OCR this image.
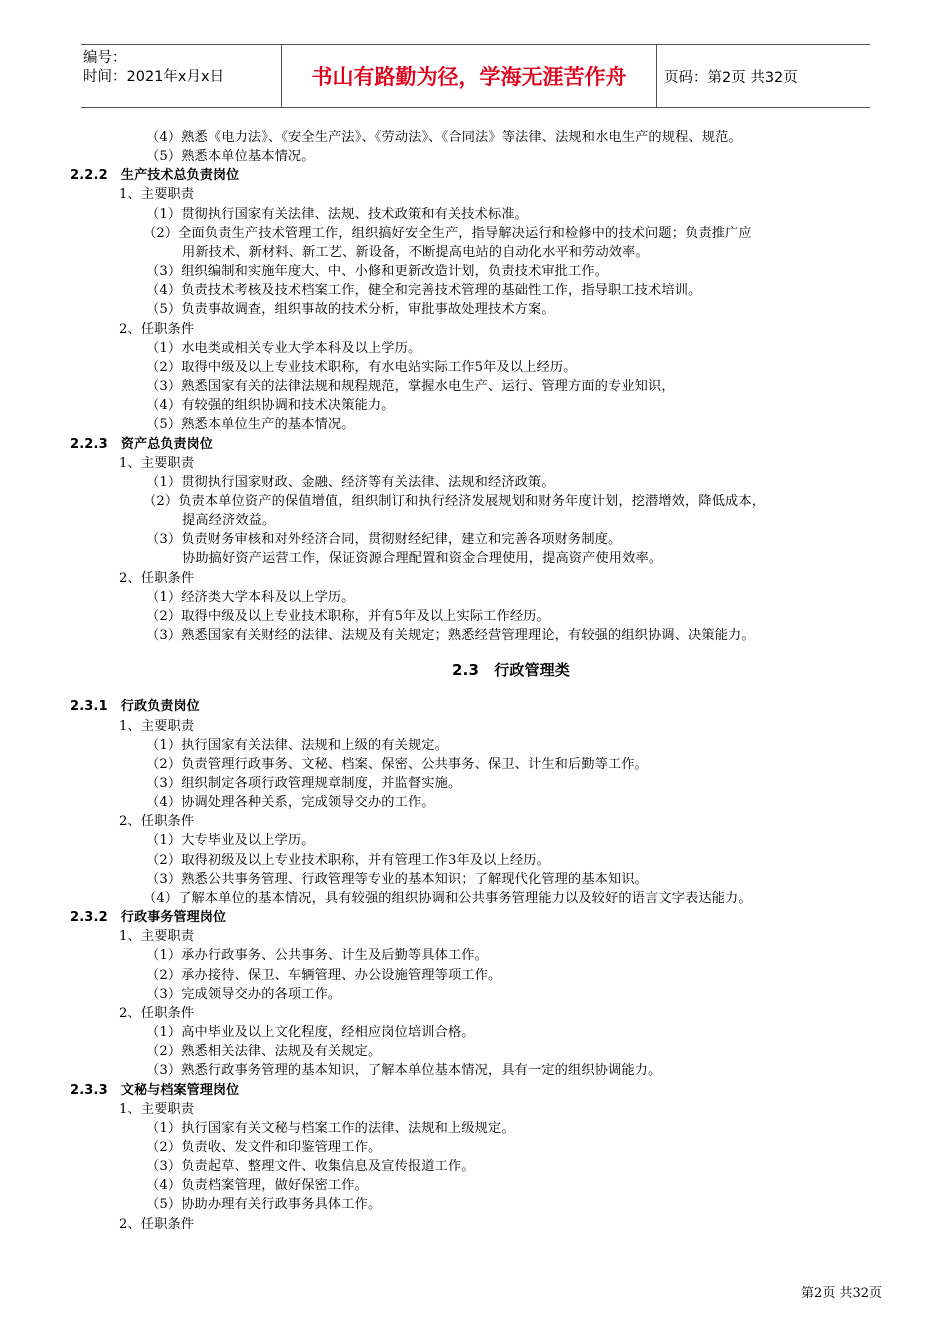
编号：
时间：2021年x月x日	书山有路勤为径，学海无涯苦作舟	页码：第2页 共32页
（4）熟悉《电力法》、《安全生产法》、《劳动法》、《合同法》等法律、法规和水电生产的规程、规范。
（5）熟悉本单位基本情况。
2.2.2　生产技术总负责岗位
1、主要职责
（1）贯彻执行国家有关法律、法规、技术政策和有关技术标准。
（2）全面负责生产技术管理工作，组织搞好安全生产，指导解决运行和检修中的技术问题；负责推广应
用新技术、新材料、新工艺、新设备，不断提高电站的自动化水平和劳动效率。
（3）组织编制和实施年度大、中、小修和更新改造计划，负责技术审批工作。
（4）负责技术考核及技术档案工作，健全和完善技术管理的基础性工作，指导职工技术培训。
（5）负责事故调查，组织事故的技术分析，审批事故处理技术方案。
2、任职条件
（1）水电类或相关专业大学本科及以上学历。
（2）取得中级及以上专业技术职称，有水电站实际工作5年及以上经历。
（3）熟悉国家有关的法律法规和规程规范，掌握水电生产、运行、管理方面的专业知识，
（4）有较强的组织协调和技术决策能力。
（5）熟悉本单位生产的基本情况。
2.2.3　资产总负责岗位
1、主要职责
（1）贯彻执行国家财政、金融、经济等有关法律、法规和经济政策。
（2）负责本单位资产的保值增值，组织制订和执行经济发展规划和财务年度计划，挖潜增效，降低成本，
提高经济效益。
（3）负责财务审核和对外经济合同，贯彻财经纪律，建立和完善各项财务制度。
协助搞好资产运营工作，保证资源合理配置和资金合理使用，提高资产使用效率。
2、任职条件
（1）经济类大学本科及以上学历。
（2）取得中级及以上专业技术职称，并有5年及以上实际工作经历。
（3）熟悉国家有关财经的法律、法规及有关规定；熟悉经营管理理论，有较强的组织协调、决策能力。
2.3　行政管理类
2.3.1　行政负责岗位
1、主要职责
（1）执行国家有关法律、法规和上级的有关规定。
（2）负责管理行政事务、文秘、档案、保密、公共事务、保卫、计生和后勤等工作。
（3）组织制定各项行政管理规章制度，并监督实施。
（4）协调处理各种关系，完成领导交办的工作。
2、任职条件
（1）大专毕业及以上学历。
（2）取得初级及以上专业技术职称，并有管理工作3年及以上经历。
（3）熟悉公共事务管理、行政管理等专业的基本知识；了解现代化管理的基本知识。
（4）了解本单位的基本情况，具有较强的组织协调和公共事务管理能力以及较好的语言文字表达能力。
2.3.2　行政事务管理岗位
1、主要职责
（1）承办行政事务、公共事务、计生及后勤等具体工作。
（2）承办接待、保卫、车辆管理、办公设施管理等项工作。
（3）完成领导交办的各项工作。
2、任职条件
（1）高中毕业及以上文化程度，经相应岗位培训合格。
（2）熟悉相关法律、法规及有关规定。
（3）熟悉行政事务管理的基本知识，了解本单位基本情况，具有一定的组织协调能力。
2.3.3　文秘与档案管理岗位
1、主要职责
（1）执行国家有关文秘与档案工作的法律、法规和上级规定。
（2）负责收、发文件和印鉴管理工作。
（3）负责起草、整理文件、收集信息及宣传报道工作。
（4）负责档案管理，做好保密工作。
（5）协助办理有关行政事务具体工作。
2、任职条件
第2页 共32页
